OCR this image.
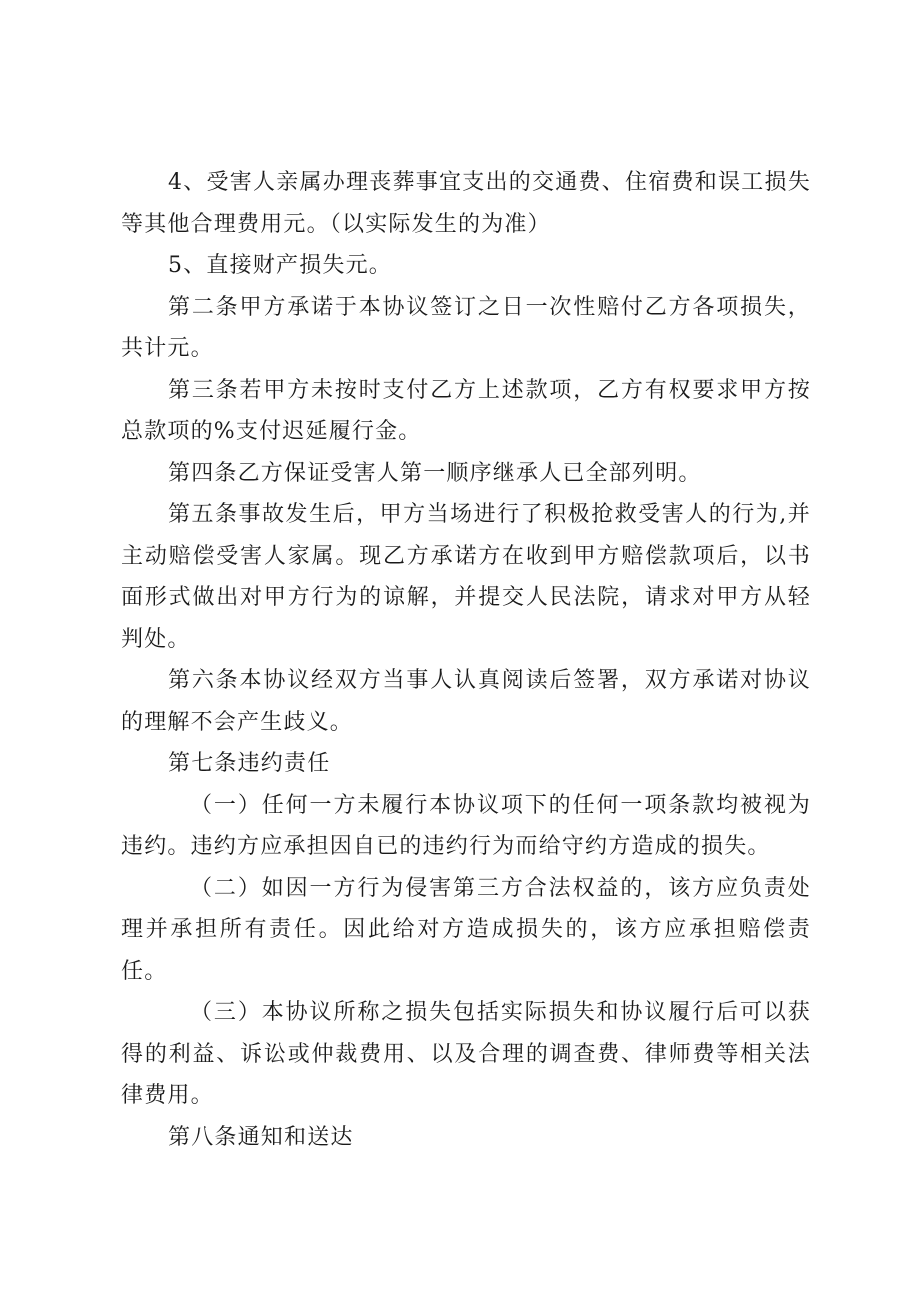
4、受害人亲属办理丧葬事宜支出的交通费、住宿费和误工损失等其他合理费用元。（以实际发生的为准）

5、直接财产损失元。

第二条甲方承诺于本协议签订之日一次性赔付乙方各项损失，共计元。

第三条若甲方未按时支付乙方上述款项，乙方有权要求甲方按总款项的%支付迟延履行金。

第四条乙方保证受害人第一顺序继承人已全部列明。

第五条事故发生后，甲方当场进行了积极抢救受害人的行为,并主动赔偿受害人家属。现乙方承诺方在收到甲方赔偿款项后，以书面形式做出对甲方行为的谅解，并提交人民法院，请求对甲方从轻判处。

第六条本协议经双方当事人认真阅读后签署，双方承诺对协议的理解不会产生歧义。

第七条违约责任

（一）任何一方未履行本协议项下的任何一项条款均被视为违约。违约方应承担因自已的违约行为而给守约方造成的损失。

（二）如因一方行为侵害第三方合法权益的，该方应负责处理并承担所有责任。因此给对方造成损失的，该方应承担赔偿责任。

（三）本协议所称之损失包括实际损失和协议履行后可以获得的利益、诉讼或仲裁费用、以及合理的调查费、律师费等相关法律费用。

第八条通知和送达
